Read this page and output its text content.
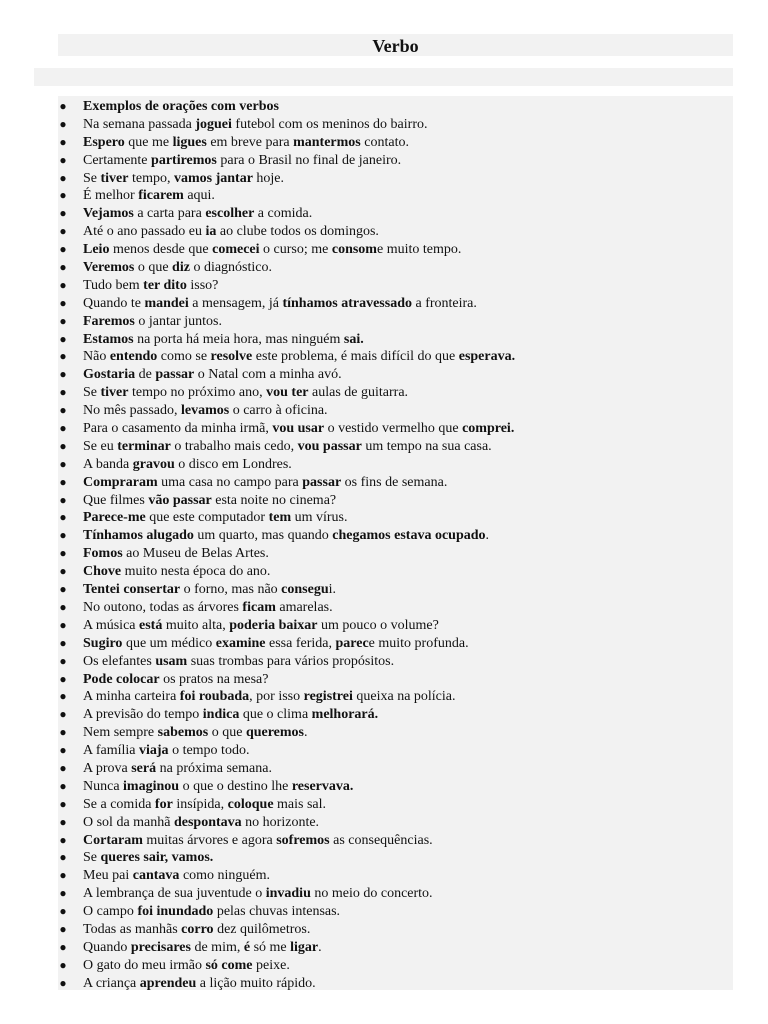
Verbo
● Exemplos de orações com verbos
● Na semana passada joguei futebol com os meninos do bairro.
● Espero que me ligues em breve para mantermos contato.
● Certamente partiremos para o Brasil no final de janeiro.
● Se tiver tempo, vamos jantar hoje.
● É melhor ficarem aqui.
● Vejamos a carta para escolher a comida.
● Até o ano passado eu ia ao clube todos os domingos.
● Leio menos desde que comecei o curso; me consome muito tempo.
● Veremos o que diz o diagnóstico.
● Tudo bem ter dito isso?
● Quando te mandei a mensagem, já tínhamos atravessado a fronteira.
● Faremos o jantar juntos.
● Estamos na porta há meia hora, mas ninguém sai.
● Não entendo como se resolve este problema, é mais difícil do que esperava.
● Gostaria de passar o Natal com a minha avó.
● Se tiver tempo no próximo ano, vou ter aulas de guitarra.
● No mês passado, levamos o carro à oficina.
● Para o casamento da minha irmã, vou usar o vestido vermelho que comprei.
● Se eu terminar o trabalho mais cedo, vou passar um tempo na sua casa.
● A banda gravou o disco em Londres.
● Compraram uma casa no campo para passar os fins de semana.
● Que filmes vão passar esta noite no cinema?
● Parece-me que este computador tem um vírus.
● Tínhamos alugado um quarto, mas quando chegamos estava ocupado.
● Fomos ao Museu de Belas Artes.
● Chove muito nesta época do ano.
● Tentei consertar o forno, mas não consegui.
● No outono, todas as árvores ficam amarelas.
● A música está muito alta, poderia baixar um pouco o volume?
● Sugiro que um médico examine essa ferida, parece muito profunda.
● Os elefantes usam suas trombas para vários propósitos.
● Pode colocar os pratos na mesa?
● A minha carteira foi roubada, por isso registrei queixa na polícia.
● A previsão do tempo indica que o clima melhorará.
● Nem sempre sabemos o que queremos.
● A família viaja o tempo todo.
● A prova será na próxima semana.
● Nunca imaginou o que o destino lhe reservava.
● Se a comida for insípida, coloque mais sal.
● O sol da manhã despontava no horizonte.
● Cortaram muitas árvores e agora sofremos as consequências.
● Se queres sair, vamos.
● Meu pai cantava como ninguém.
● A lembrança de sua juventude o invadiu no meio do concerto.
● O campo foi inundado pelas chuvas intensas.
● Todas as manhãs corro dez quilômetros.
● Quando precisares de mim, é só me ligar.
● O gato do meu irmão só come peixe.
● A criança aprendeu a lição muito rápido.
